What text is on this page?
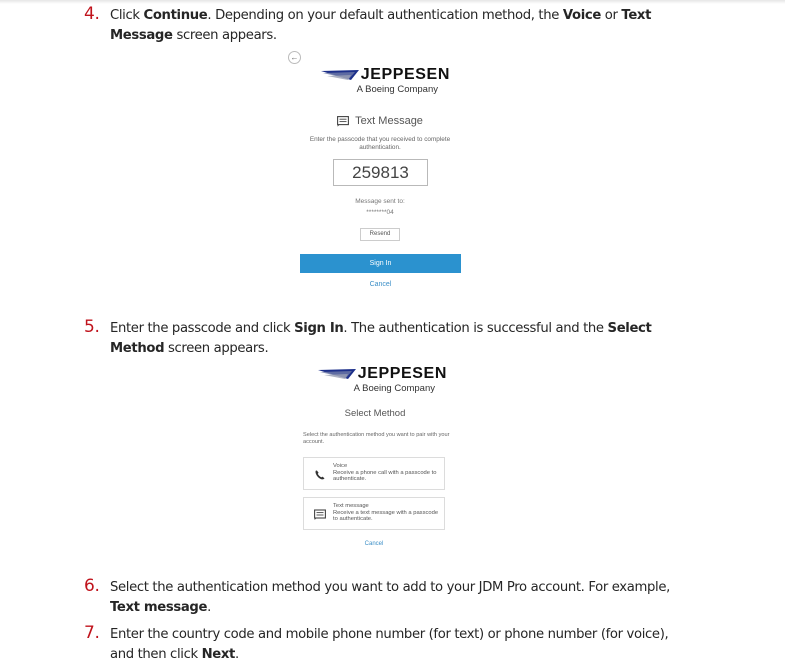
4. Click Continue. Depending on your default authentication method, the Voice or Text
Message screen appears.
←
JEPPESEN
A Boeing Company
Text Message
Enter the passcode that you received to complete authentication.
259813
Message sent to:
********04
Resend
Sign In
Cancel
5. Enter the passcode and click Sign In. The authentication is successful and the Select
Method screen appears.
JEPPESEN
A Boeing Company
Select Method
Select the authentication method you want to pair with your account.
Voice
Receive a phone call with a passcode to authenticate.
Text message
Receive a text message with a passcode to authenticate.
Cancel
6. Select the authentication method you want to add to your JDM Pro account. For example,
Text message.
7. Enter the country code and mobile phone number (for text) or phone number (for voice),
and then click Next.
